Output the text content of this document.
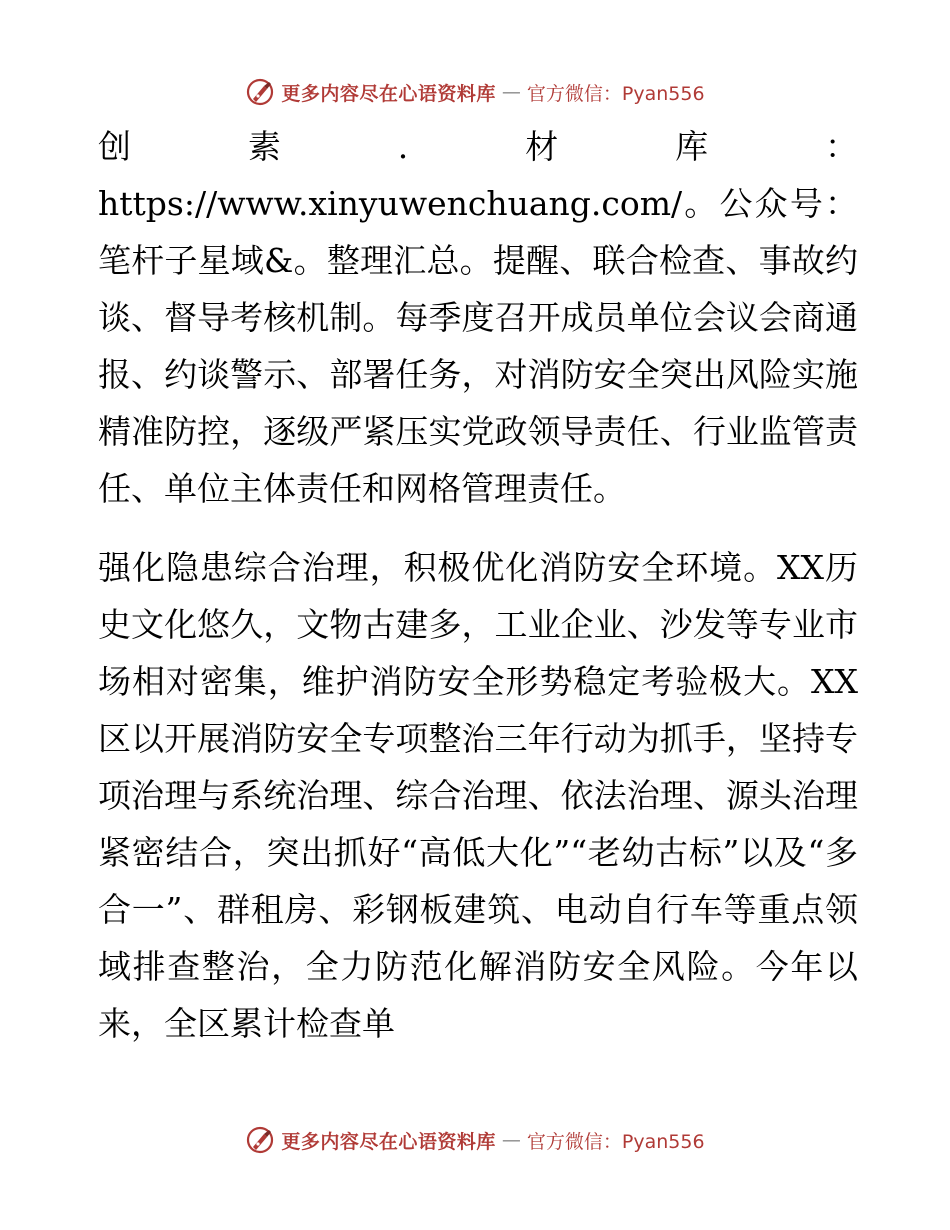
更多内容尽在心语资料库 — 官方微信：Pyan556

创素.材库：https://www.xinyuwenchuang.com/。公众号：笔杆子星域&。整理汇总。提醒、联合检查、事故约谈、督导考核机制。每季度召开成员单位会议会商通报、约谈警示、部署任务，对消防安全突出风险实施精准防控，逐级严紧压实党政领导责任、行业监管责任、单位主体责任和网格管理责任。

强化隐患综合治理，积极优化消防安全环境。XX历史文化悠久，文物古建多，工业企业、沙发等专业市场相对密集，维护消防安全形势稳定考验极大。XX区以开展消防安全专项整治三年行动为抓手，坚持专项治理与系统治理、综合治理、依法治理、源头治理紧密结合，突出抓好“高低大化”“老幼古标”以及“多合一”、群租房、彩钢板建筑、电动自行车等重点领域排查整治，全力防范化解消防安全风险。今年以来，全区累计检查单

更多内容尽在心语资料库 — 官方微信：Pyan556
